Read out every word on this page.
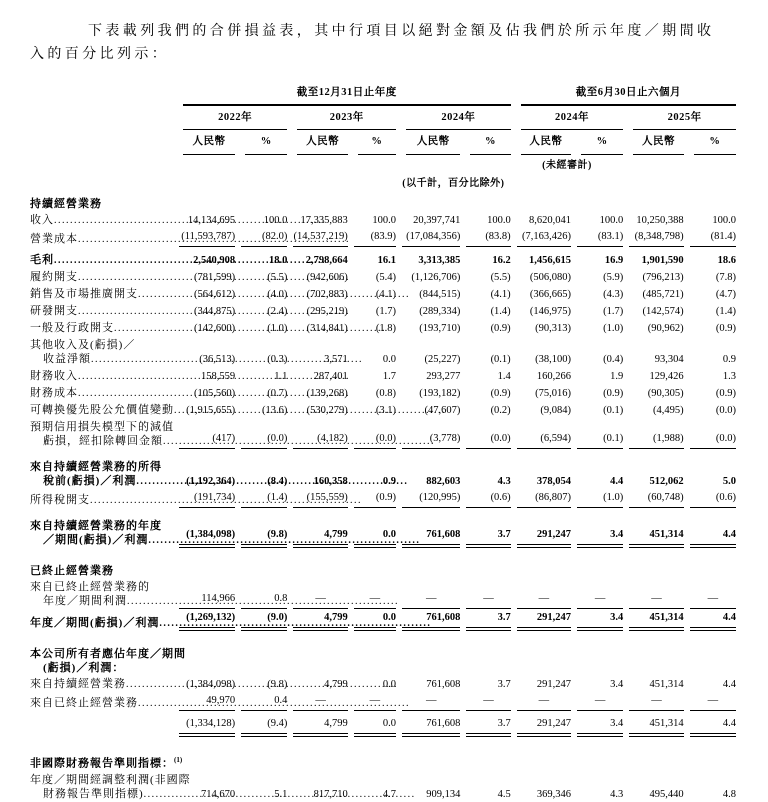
下表載列我們的合併損益表，其中行項目以絕對金額及佔我們於所示年度／期間收
入的百分比列示：

	截至12月31日止年度						截至6月30日止六個月			

	2022年		2023年		2024年		2024年		2025年	

	人民幣	%	人民幣	%	人民幣	%	人民幣	%	人民幣	%

							(未經審計)			
					(以千計，百分比除外)					

持續經營業務										

收入
.....	14,134,695	100.0	17,335,883	100.0	20,397,741	100.0	8,620,041	100.0	10,250,388	100.0

營業成本
.....	(11,593,787)	(82.0)	(14,537,219)	(83.9)	(17,084,356)	(83.8)	(7,163,426)	(83.1)	(8,348,798)	(81.4)

毛利
.....	2,540,908	18.0	2,798,664	16.1	3,313,385	16.2	1,456,615	16.9	1,901,590	18.6

履約開支
.....	(781,599)	(5.5)	(942,606)	(5.4)	(1,126,706)	(5.5)	(506,080)	(5.9)	(796,213)	(7.8)

銷售及市場推廣開支
.....	(564,612)	(4.0)	(702,883)	(4.1)	(844,515)	(4.1)	(366,665)	(4.3)	(485,721)	(4.7)

研發開支
.....	(344,875)	(2.4)	(295,219)	(1.7)	(289,334)	(1.4)	(146,975)	(1.7)	(142,574)	(1.4)

一般及行政開支
.....	(142,600)	(1.0)	(314,841)	(1.8)	(193,710)	(0.9)	(90,313)	(1.0)	(90,962)	(0.9)

其他收入及(虧損)／
收益淨額
.....	(36,513)	(0.3)	3,571	0.0	(25,227)	(0.1)	(38,100)	(0.4)	93,304	0.9

財務收入
.....	158,559	1.1	287,401	1.7	293,277	1.4	160,266	1.9	129,426	1.3

財務成本
.....	(105,560)	(0.7)	(139,268)	(0.8)	(193,182)	(0.9)	(75,016)	(0.9)	(90,305)	(0.9)

可轉換優先股公允價值變動
.....	(1,915,655)	(13.6)	(530,279)	(3.1)	(47,607)	(0.2)	(9,084)	(0.1)	(4,495)	(0.0)

預期信用損失模型下的減值
虧損，經扣除轉回金額
.....	(417)	(0.0)	(4,182)	(0.0)	(3,778)	(0.0)	(6,594)	(0.1)	(1,988)	(0.0)

來自持續經營業務的所得
稅前(虧損)／利潤
.....	(1,192,364)	(8.4)	160,358	0.9	882,603	4.3	378,054	4.4	512,062	5.0

所得稅開支
.....	(191,734)	(1.4)	(155,559)	(0.9)	(120,995)	(0.6)	(86,807)	(1.0)	(60,748)	(0.6)

來自持續經營業務的年度
／期間(虧損)／利潤
.....	(1,384,098)	(9.8)	4,799	0.0	761,608	3.7	291,247	3.4	451,314	4.4

已終止經營業務										

來自已終止經營業務的
年度／期間利潤
.....	114,966	0.8	—	—	—	—	—	—	—	—

年度／期間(虧損)／利潤
.....	(1,269,132)	(9.0)	4,799	0.0	761,608	3.7	291,247	3.4	451,314	4.4

本公司所有者應佔年度／期間
(虧損)／利潤：										

來自持續經營業務
.....	(1,384,098)	(9.8)	4,799	0.0	761,608	3.7	291,247	3.4	451,314	4.4

來自已終止經營業務
.....	49,970	0.4	—	—	—	—	—	—	—	—

	(1,334,128)	(9.4)	4,799	0.0	761,608	3.7	291,247	3.4	451,314	4.4

非國際財務報告準則指標：$^{(1)}$

年度／期間經調整利潤(非國際
財務報告準則指標)
.....	714,670	5.1	817,710	4.7	909,134	4.5	369,346	4.3	495,440	4.8
